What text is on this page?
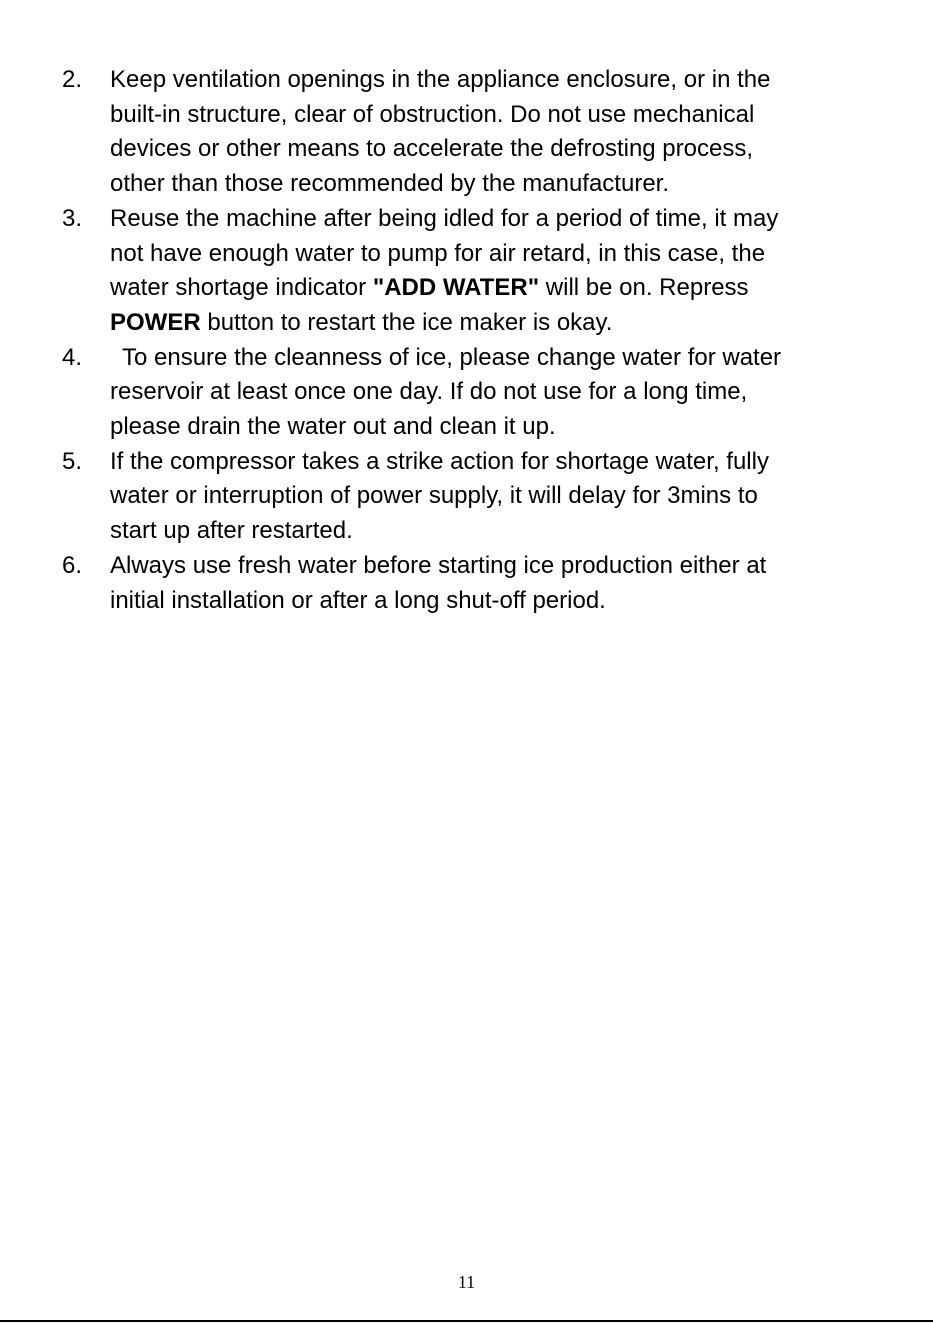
2.	Keep ventilation openings in the appliance enclosure, or in the
built-in structure, clear of obstruction. Do not use mechanical
devices or other means to accelerate the defrosting process,
other than those recommended by the manufacturer.
3.	Reuse the machine after being idled for a period of time, it may
not have enough water to pump for air retard, in this case, the
water shortage indicator "ADD WATER" will be on. Repress
POWER button to restart the ice maker is okay.
4.	To ensure the cleanness of ice, please change water for water
reservoir at least once one day. If do not use for a long time,
please drain the water out and clean it up.
5.	If the compressor takes a strike action for shortage water, fully
water or interruption of power supply, it will delay for 3mins to
start up after restarted.
6.	Always use fresh water before starting ice production either at
initial installation or after a long shut-off period.
11
